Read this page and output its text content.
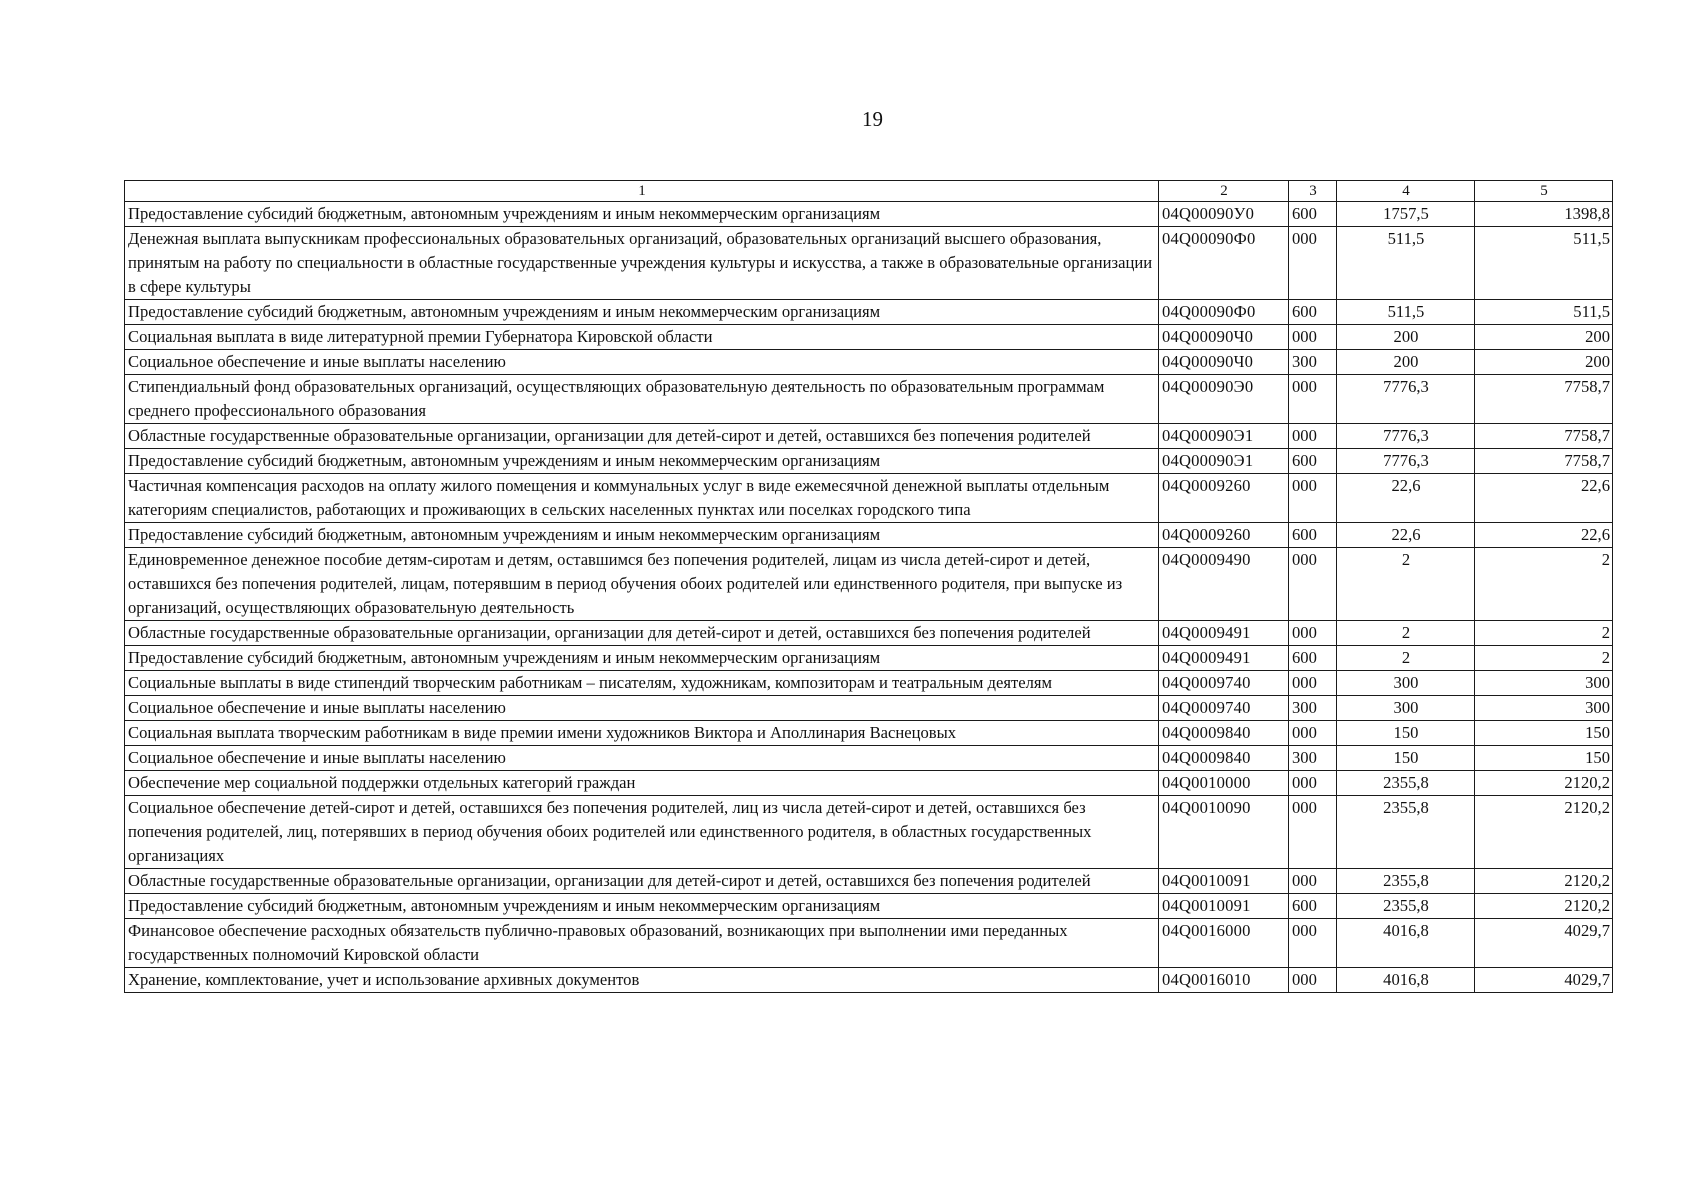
19
1	2	3	4	5
Предоставление субсидий бюджетным, автономным учреждениям и иным некоммерческим организациям	04Q00090У0	600	1757,5	1398,8
Денежная выплата выпускникам профессиональных образовательных организаций, образовательных организаций высшего образования, принятым на работу по специальности в областные государственные учреждения культуры и искусства, а также в образовательные организации в сфере культуры	04Q00090Ф0	000	511,5	511,5
Предоставление субсидий бюджетным, автономным учреждениям и иным некоммерческим организациям	04Q00090Ф0	600	511,5	511,5
Социальная выплата в виде литературной премии Губернатора Кировской области	04Q00090Ч0	000	200	200
Социальное обеспечение и иные выплаты населению	04Q00090Ч0	300	200	200
Стипендиальный фонд образовательных организаций, осуществляющих образовательную деятельность по образовательным программам среднего профессионального образования	04Q00090Э0	000	7776,3	7758,7
Областные государственные образовательные организации, организации для детей-сирот и детей, оставшихся без попечения родителей	04Q00090Э1	000	7776,3	7758,7
Предоставление субсидий бюджетным, автономным учреждениям и иным некоммерческим организациям	04Q00090Э1	600	7776,3	7758,7
Частичная компенсация расходов на оплату жилого помещения и коммунальных услуг в виде ежемесячной денежной выплаты отдельным категориям специалистов, работающих и проживающих в сельских населенных пунктах или поселках городского типа	04Q0009260	000	22,6	22,6
Предоставление субсидий бюджетным, автономным учреждениям и иным некоммерческим организациям	04Q0009260	600	22,6	22,6
Единовременное денежное пособие детям-сиротам и детям, оставшимся без попечения родителей, лицам из числа детей-сирот и детей, оставшихся без попечения родителей, лицам, потерявшим в период обучения обоих родителей или единственного родителя, при выпуске из организаций, осуществляющих образовательную деятельность	04Q0009490	000	2	2
Областные государственные образовательные организации, организации для детей-сирот и детей, оставшихся без попечения родителей	04Q0009491	000	2	2
Предоставление субсидий бюджетным, автономным учреждениям и иным некоммерческим организациям	04Q0009491	600	2	2
Социальные выплаты в виде стипендий творческим работникам – писателям, художникам, композиторам и театральным деятелям	04Q0009740	000	300	300
Социальное обеспечение и иные выплаты населению	04Q0009740	300	300	300
Социальная выплата творческим работникам в виде премии имени художников Виктора и Аполлинария Васнецовых	04Q0009840	000	150	150
Социальное обеспечение и иные выплаты населению	04Q0009840	300	150	150
Обеспечение мер социальной поддержки отдельных категорий граждан	04Q0010000	000	2355,8	2120,2
Социальное обеспечение детей-сирот и детей, оставшихся без попечения родителей, лиц из числа детей-сирот и детей, оставшихся без попечения родителей, лиц, потерявших в период обучения обоих родителей или единственного родителя, в областных государственных организациях	04Q0010090	000	2355,8	2120,2
Областные государственные образовательные организации, организации для детей-сирот и детей, оставшихся без попечения родителей	04Q0010091	000	2355,8	2120,2
Предоставление субсидий бюджетным, автономным учреждениям и иным некоммерческим организациям	04Q0010091	600	2355,8	2120,2
Финансовое обеспечение расходных обязательств публично-правовых образований, возникающих при выполнении ими переданных государственных полномочий Кировской области	04Q0016000	000	4016,8	4029,7
Хранение, комплектование, учет и использование архивных документов	04Q0016010	000	4016,8	4029,7
